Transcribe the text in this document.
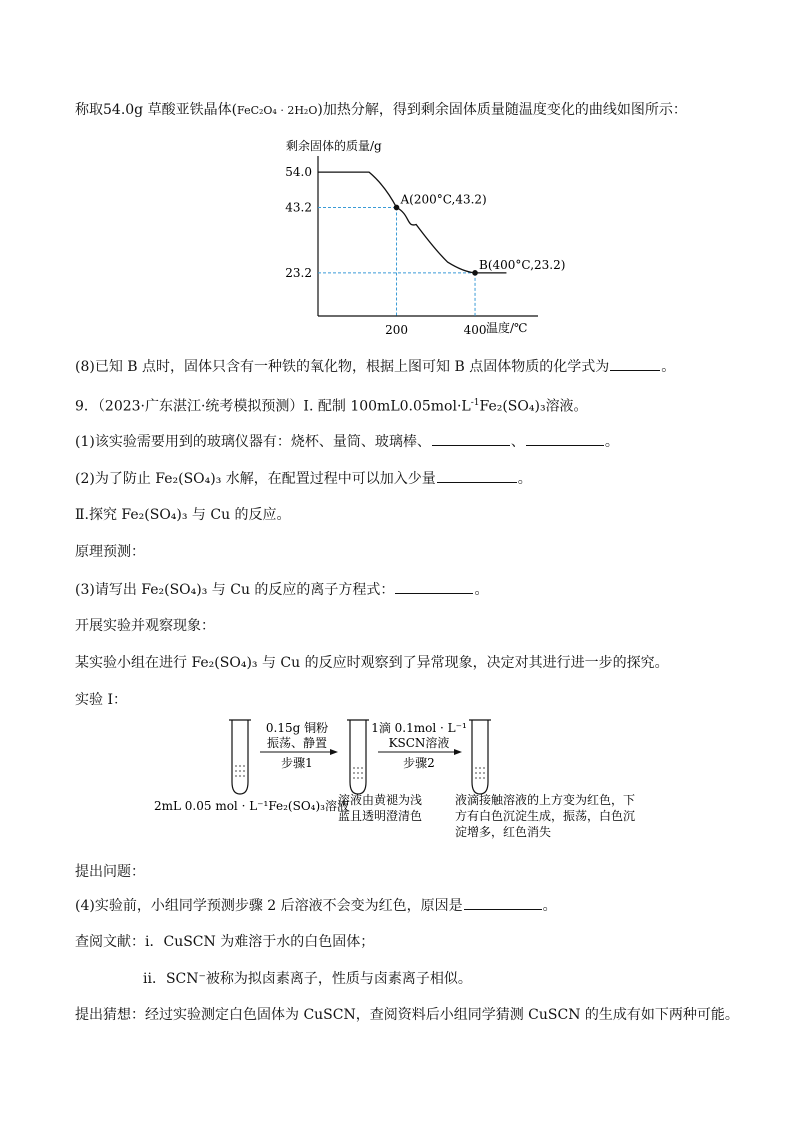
称取54.0g 草酸亚铁晶体(FeC₂O₄ · 2H₂O)加热分解，得到剩余固体质量随温度变化的曲线如图所示：
剩余固体的质量/g
温度/℃
54.0
43.2
23.2
200	400
A(200°C,43.2)
B(400°C,23.2)
(8)已知 B 点时，固体只含有一种铁的氧化物，根据上图可知 B 点固体物质的化学式为	。
9．（2023·广东湛江·统考模拟预测）Ⅰ. 配制 $100mL0.05mol\cdot L^{-1}Fe_2(SO_4)_3$溶液。
(1)该实验需要用到的玻璃仪器有：烧杯、量筒、玻璃棒、	、	。
(2)为了防止 Fe₂(SO₄)₃ 水解，在配置过程中可以加入少量	。
Ⅱ.探究 Fe₂(SO₄)₃ 与 Cu 的反应。
原理预测：
(3)请写出 Fe₂(SO₄)₃ 与 Cu 的反应的离子方程式：	。
开展实验并观察现象：
某实验小组在进行 Fe₂(SO₄)₃ 与 Cu 的反应时观察到了异常现象，决定对其进行进一步的探究。
实验 I：
0.15g 铜粉
振荡、静置
步骤1
1滴 0.1mol · L⁻¹
KSCN溶液
步骤2
2mL 0.05 mol · L⁻¹Fe₂(SO₄)₃溶液
溶液由黄褪为浅
蓝且透明澄清色
液滴接触溶液的上方变为红色，下
方有白色沉淀生成，振荡，白色沉
淀增多，红色消失
提出问题：
(4)实验前，小组同学预测步骤 2 后溶液不会变为红色，原因是	。
查阅文献：i．CuSCN 为难溶于水的白色固体；
ii．SCN⁻被称为拟卤素离子，性质与卤素离子相似。
提出猜想：经过实验测定白色固体为 CuSCN，查阅资料后小组同学猜测 CuSCN 的生成有如下两种可能。
